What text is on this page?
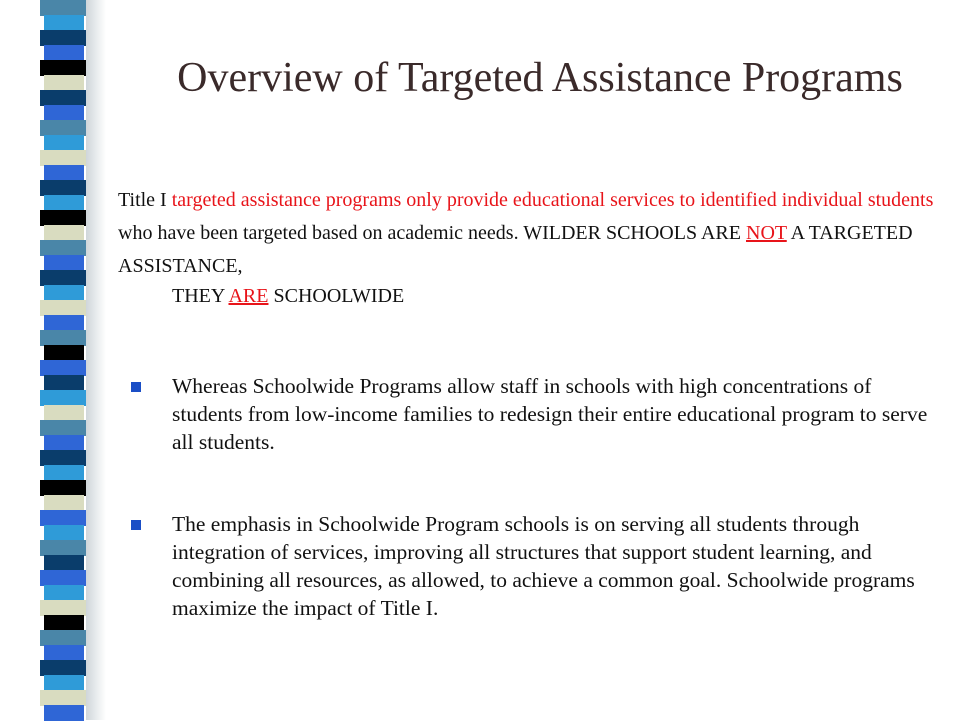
Overview of Targeted Assistance Programs

Title I targeted assistance programs only provide educational services to identified individual students who have been targeted based on academic needs. WILDER SCHOOLS ARE NOT A TARGETED ASSISTANCE,
THEY ARE SCHOOLWIDE

Whereas Schoolwide Programs allow staff in schools with high concentrations of students from low-income families to redesign their entire educational program to serve all students.
The emphasis in Schoolwide Program schools is on serving all students through integration of services, improving all structures that support student learning, and combining all resources, as allowed, to achieve a common goal. Schoolwide programs maximize the impact of Title I.
